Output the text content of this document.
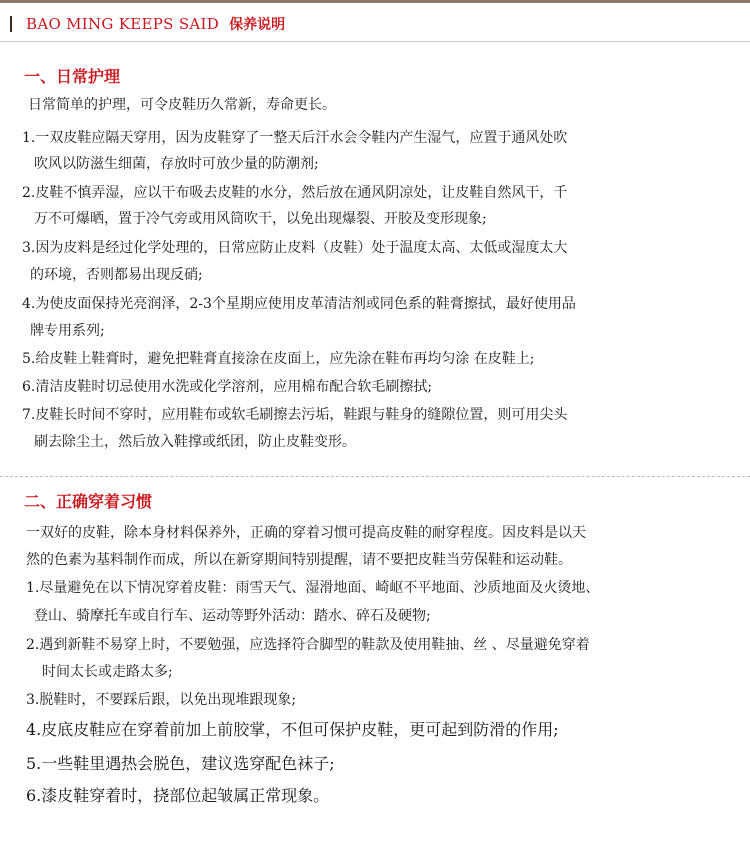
BAO MING KEEPS SAID 保养说明
一、日常护理
日常简单的护理，可令皮鞋历久常新，寿命更长。
1.一双皮鞋应隔天穿用，因为皮鞋穿了一整天后汗水会令鞋内产生湿气，应置于通风处吹
吹风以防滋生细菌，存放时可放少量的防潮剂;
2.皮鞋不慎弄湿，应以干布吸去皮鞋的水分，然后放在通风阴凉处，让皮鞋自然风干，千
万不可爆晒，置于冷气旁或用风筒吹干，以免出现爆裂、开胶及变形现象;
3.因为皮料是经过化学处理的，日常应防止皮料（皮鞋）处于温度太高、太低或湿度太大
的环境，否则都易出现反硝;
4.为使皮面保持光亮润泽，2-3个星期应使用皮革清洁剂或同色系的鞋膏擦拭，最好使用品
牌专用系列;
5.给皮鞋上鞋膏时，避免把鞋膏直接涂在皮面上，应先涂在鞋布再均匀涂 在皮鞋上;
6.清洁皮鞋时切忌使用水洗或化学溶剂，应用棉布配合软毛刷擦拭;
7.皮鞋长时间不穿时，应用鞋布或软毛刷擦去污垢，鞋跟与鞋身的缝隙位置，则可用尖头
刷去除尘土，然后放入鞋撑或纸团，防止皮鞋变形。
二、正确穿着习惯
一双好的皮鞋，除本身材料保养外，正确的穿着习惯可提高皮鞋的耐穿程度。因皮料是以天
然的色素为基料制作而成，所以在新穿期间特别提醒，请不要把皮鞋当劳保鞋和运动鞋。
1.尽量避免在以下情况穿着皮鞋：雨雪天气、湿滑地面、崎岖不平地面、沙质地面及火烫地、
登山、骑摩托车或自行车、运动等野外活动：踏水、碎石及硬物;
2.遇到新鞋不易穿上时，不要勉强，应选择符合脚型的鞋款及使用鞋抽、丝 、尽量避免穿着
时间太长或走路太多;
3.脱鞋时，不要踩后跟，以免出现堆跟现象;
4.皮底皮鞋应在穿着前加上前胶掌，不但可保护皮鞋，更可起到防滑的作用;
5.一些鞋里遇热会脱色，建议选穿配色袜子;
6.漆皮鞋穿着时，挠部位起皱属正常现象。
